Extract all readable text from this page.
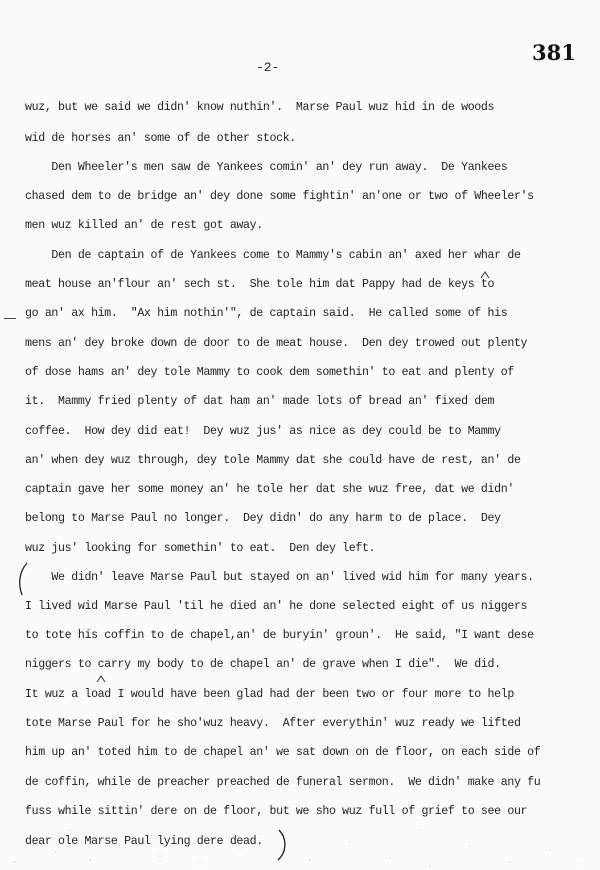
381
-2-
wuz, but we said we didn' know nuthin'.  Marse Paul wuz hid in de woods
wid de horses an' some of de other stock.
Den Wheeler's men saw de Yankees comin' an' dey run away.  De Yankees
chased dem to de bridge an' dey done some fightin' an'one or two of Wheeler's
men wuz killed an' de rest got away.
Den de captain of de Yankees come to Mammy's cabin an' axed her whar de
meat house an'flour an' sech st.  She tole him dat Pappy had de keys to
go an' ax him.  "Ax him nothin'", de captain said.  He called some of his
mens an' dey broke down de door to de meat house.  Den dey trowed out plenty
of dose hams an' dey tole Mammy to cook dem somethin' to eat and plenty of
it.  Mammy fried plenty of dat ham an' made lots of bread an' fixed dem
coffee.  How dey did eat!  Dey wuz jus' as nice as dey could be to Mammy
an' when dey wuz through, dey tole Mammy dat she could have de rest, an' de
captain gave her some money an' he tole her dat she wuz free, dat we didn'
belong to Marse Paul no longer.  Dey didn' do any harm to de place.  Dey
wuz jus' looking for somethin' to eat.  Den dey left.
We didn' leave Marse Paul but stayed on an' lived wid him for many years.
I lived wid Marse Paul 'til he died an' he done selected eight of us niggers
to tote his coffin to de chapel,an' de buryin' groun'.  He said, "I want dese
niggers to carry my body to de chapel an' de grave when I die".  We did.
It wuz a load I would have been glad had der been two or four more to help
tote Marse Paul for he sho'wuz heavy.  After everythin' wuz ready we lifted
him up an' toted him to de chapel an' we sat down on de floor, on each side of
de coffin, while de preacher preached de funeral sermon.  We didn' make any fu
fuss while sittin' dere on de floor, but we sho wuz full of grief to see our
dear ole Marse Paul lying dere dead.
